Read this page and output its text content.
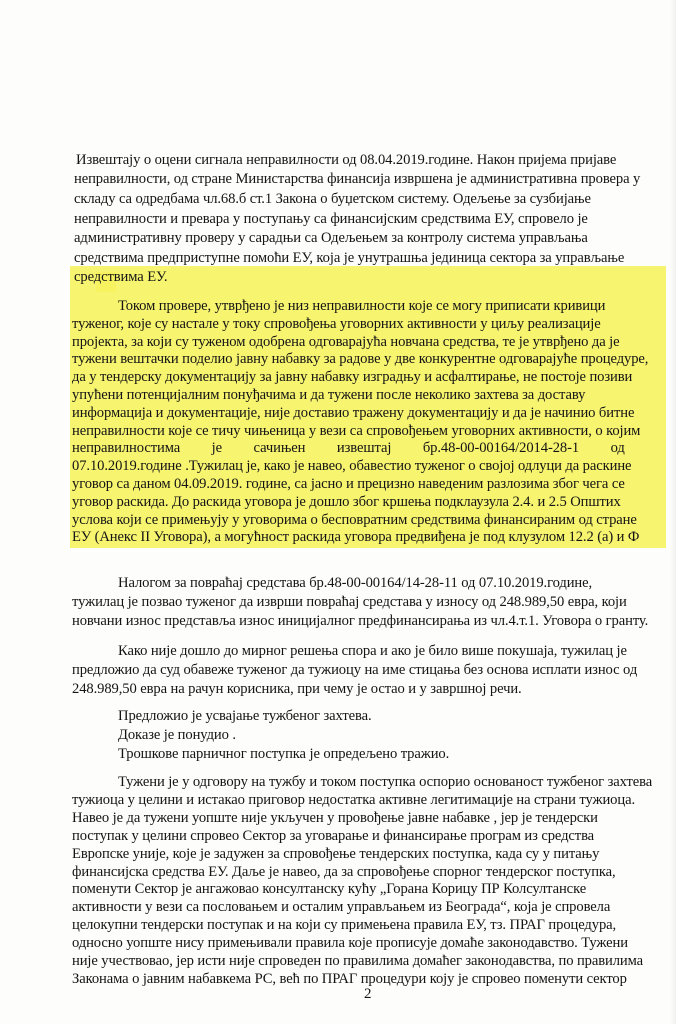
Извештају о оцени сигнала неправилности од 08.04.2019.године. Након пријема пријаве
неправилности, од стране Министарства финансија извршена је административна провера у
складу са одредбама чл.68.б ст.1 Закона о буџетском систему. Одељење за сузбијање
неправилности и превара у поступању са финансијским средствима ЕУ, спровело је
административну проверу у сарадњи са Одељењем за контролу система управљања
средствима предприступне помоћи ЕУ, која је унутрашња јединица сектора за управљање
средствима ЕУ.
Током провере, утврђено је низ неправилности које се могу приписати кривици
туженог, које су настале у току спровођења уговорних активности у циљу реализације
пројекта, за који су туженом одобрена одговарајућа новчана средства, те је утврђено да је
тужени вештачки поделио јавну набавку за радове у две конкурентне одговарајуће процедуре,
да у тендерску документацију за јавну набавку изградњу и асфалтирање, не постоје позиви
упућени потенцијалним понуђачима и да тужени после неколико захтева за доставу
информација и документације, није доставио тражену документацију и да је начинио битне
неправилности које се тичу чињеница у вези са спровођењем уговорних активности, о којим
неправилностима је сачињен извештај бр.48-00-00164/2014-28-1 од
07.10.2019.године .Тужилац је, како је навео, обавестио туженог о својој одлуци да раскине
уговор са даном 04.09.2019. године, са јасно и прецизно наведеним разлозима због чега се
уговор раскида. До раскида уговора је дошло због кршења подклаузула 2.4. и 2.5 Општих
услова који се примењују у уговорима о бесповратним средствима финансираним од стране
ЕУ (Анекс II Уговора), а могућност раскида уговора предвиђена је под клузулом 12.2 (а) и Ф
Налогом за повраћај средстава бр.48-00-00164/14-28-11 од 07.10.2019.године,
тужилац је позвао туженог да изврши повраћај средстава у износу од 248.989,50 евра, који
новчани износ представља износ иницијалног предфинансирања из чл.4.т.1. Уговора о гранту.
Како није дошло до мирног решења спора и ако је било више покушаја, тужилац је
предложио да суд обавеже туженог да тужиоцу на име стицања без основа исплати износ од
248.989,50 евра на рачун корисника, при чему је остао и у завршној речи.
Предложио је усвајање тужбеног захтева.
Доказе је понудио .
Трошкове парничног поступка је опредељено тражио.
Тужени је у одговору на тужбу и током поступка оспорио основаност тужбеног захтева
тужиоца у целини и истакао приговор недостатка активне легитимације на страни тужиоца.
Навео је да тужени уопште није укључен у провођење јавне набавке , јер је тендерски
поступак у целини спровео Сектор за уговарање и финансирање програм из средства
Европске уније, које је задужен за спровођење тендерских поступка, када су у питању
финансијска средства ЕУ. Даље је навео, да за спровођење спорног тендерског поступка,
поменути Сектор је ангажовао консултанску кућу „Горана Корицу ПР Колсултанске
активности у вези са пословањем и осталим управљањем из Београда“, која је спровела
целокупни тендерски поступак и на који су примењена правила ЕУ, тз. ПРАГ процедура,
односно уопште нису примењивали правила које прописује домаће законодавство. Тужени
није учествовао, јер исти није спроведен по правилима домаћег законодавства, по правилима
Законама о јавним набавкема РС, већ по ПРАГ процедури коју је спровео поменути сектор
2
